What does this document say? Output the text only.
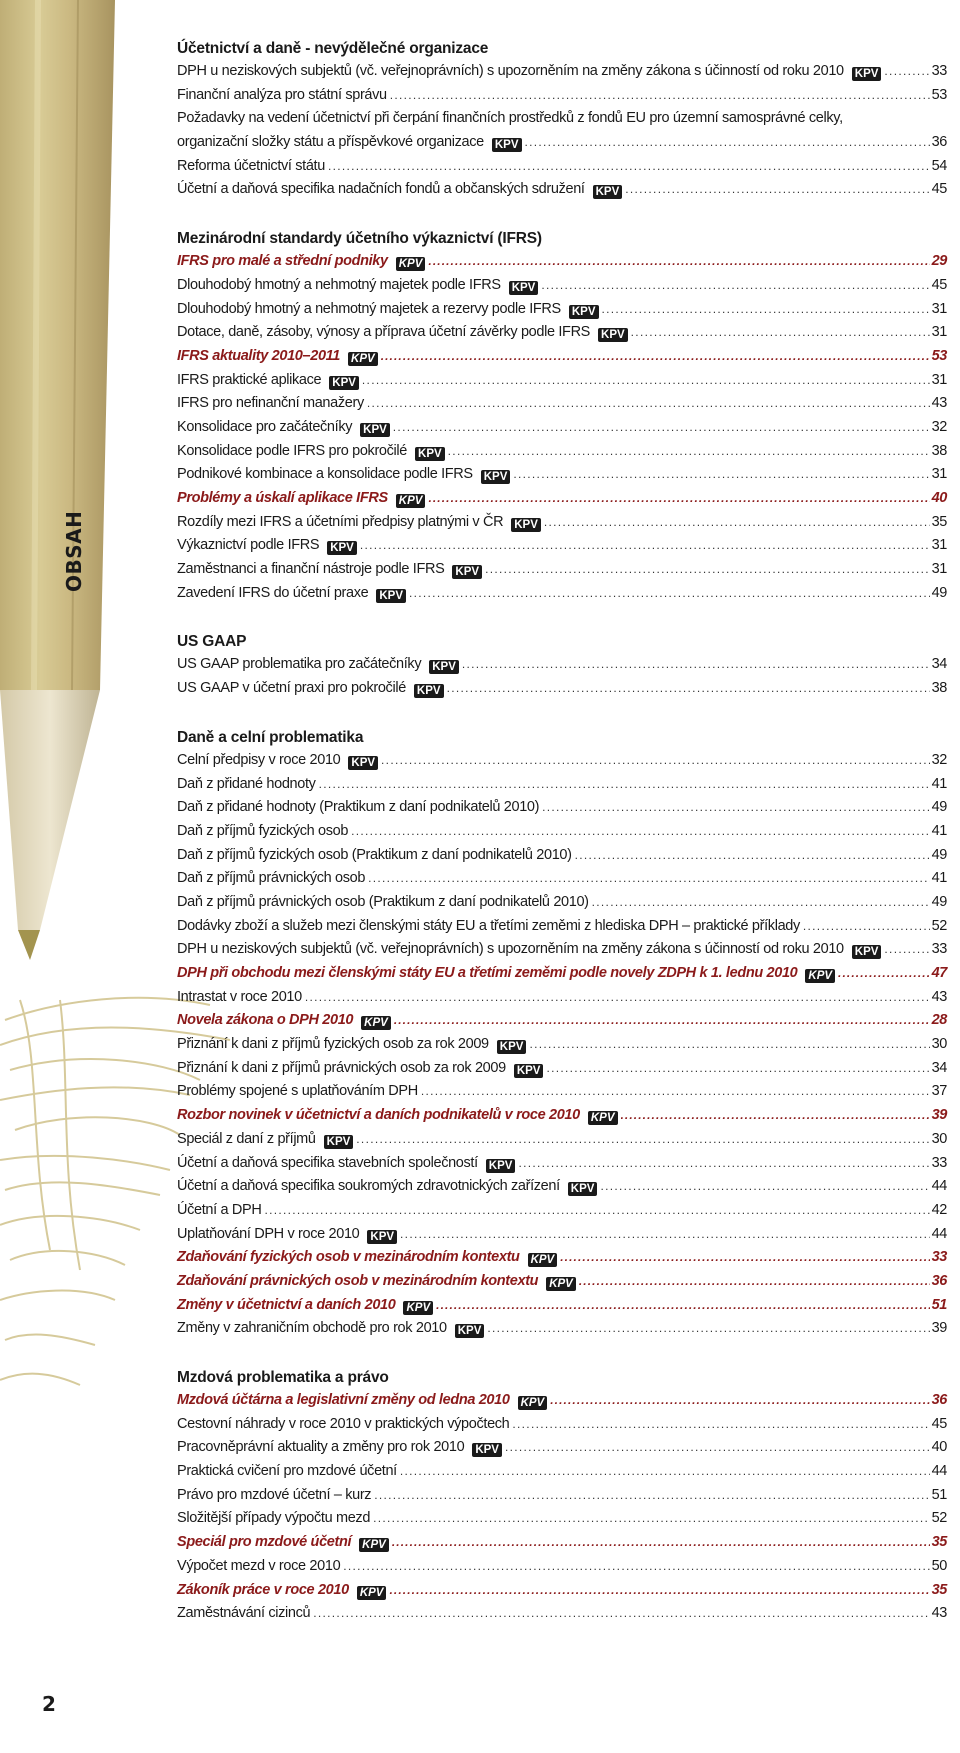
OBSAH
2
Účetnictví a daně - nevýdělečné organizace
DPH u neziskových subjektů (vč. veřejnoprávních) s upozorněním na změny zákona s účinností od roku 2010 KPV .....	33
Finanční analýza pro státní správu .....	53
Požadavky na vedení účetnictví při čerpání finančních prostředků z fondů EU pro územní samosprávné celky,
organizační složky státu a příspěvkové organizace KPV .....	36
Reforma účetnictví státu .....	54
Účetní a daňová specifika nadačních fondů a občanských sdružení KPV .....	45
Mezinárodní standardy účetního výkaznictví (IFRS)
IFRS pro malé a střední podniky KPV .....	29
Dlouhodobý hmotný a nehmotný majetek podle IFRS KPV .....	45
Dlouhodobý hmotný a nehmotný majetek a rezervy podle IFRS KPV .....	31
Dotace, daně, zásoby, výnosy a příprava účetní závěrky podle IFRS KPV .....	31
IFRS aktuality 2010–2011 KPV .....	53
IFRS praktické aplikace KPV .....	31
IFRS pro nefinanční manažery .....	43
Konsolidace pro začátečníky KPV .....	32
Konsolidace podle IFRS pro pokročilé KPV .....	38
Podnikové kombinace a konsolidace podle IFRS KPV .....	31
Problémy a úskalí aplikace IFRS KPV .....	40
Rozdíly mezi IFRS a účetními předpisy platnými v ČR KPV .....	35
Výkaznictví podle IFRS KPV .....	31
Zaměstnanci a finanční nástroje podle IFRS KPV .....	31
Zavedení IFRS do účetní praxe KPV .....	49
US GAAP
US GAAP problematika pro začátečníky KPV .....	34
US GAAP v účetní praxi pro pokročilé KPV .....	38
Daně a celní problematika
Celní předpisy v roce 2010 KPV .....	32
Daň z přidané hodnoty .....	41
Daň z přidané hodnoty (Praktikum z daní podnikatelů 2010) .....	49
Daň z příjmů fyzických osob .....	41
Daň z příjmů fyzických osob (Praktikum z daní podnikatelů 2010) .....	49
Daň z příjmů právnických osob .....	41
Daň z příjmů právnických osob (Praktikum z daní podnikatelů 2010) .....	49
Dodávky zboží a služeb mezi členskými státy EU a třetími zeměmi z hlediska DPH – praktické příklady .....	52
DPH u neziskových subjektů (vč. veřejnoprávních) s upozorněním na změny zákona s účinností od roku 2010 KPV .....	33
DPH při obchodu mezi členskými státy EU a třetími zeměmi podle novely ZDPH k 1. lednu 2010 KPV .....	47
Intrastat v roce 2010 .....	43
Novela zákona o DPH 2010 KPV .....	28
Přiznání k dani z příjmů fyzických osob za rok 2009 KPV .....	30
Přiznání k dani z příjmů právnických osob za rok 2009 KPV .....	34
Problémy spojené s uplatňováním DPH .....	37
Rozbor novinek v účetnictví a daních podnikatelů v roce 2010 KPV .....	39
Speciál z daní z příjmů KPV .....	30
Účetní a daňová specifika stavebních společností KPV .....	33
Účetní a daňová specifika soukromých zdravotnických zařízení KPV .....	44
Účetní a DPH .....	42
Uplatňování DPH v roce 2010 KPV .....	44
Zdaňování fyzických osob v mezinárodním kontextu KPV .....	33
Zdaňování právnických osob v mezinárodním kontextu KPV .....	36
Změny v účetnictví a daních 2010 KPV .....	51
Změny v zahraničním obchodě pro rok 2010 KPV .....	39
Mzdová problematika a právo
Mzdová účtárna a legislativní změny od ledna 2010 KPV .....	36
Cestovní náhrady v roce 2010 v praktických výpočtech .....	45
Pracovněprávní aktuality a změny pro rok 2010 KPV .....	40
Praktická cvičení pro mzdové účetní .....	44
Právo pro mzdové účetní – kurz .....	51
Složitější případy výpočtu mezd .....	52
Speciál pro mzdové účetní KPV .....	35
Výpočet mezd v roce 2010 .....	50
Zákoník práce v roce 2010 KPV .....	35
Zaměstnávání cizinců .....	43
